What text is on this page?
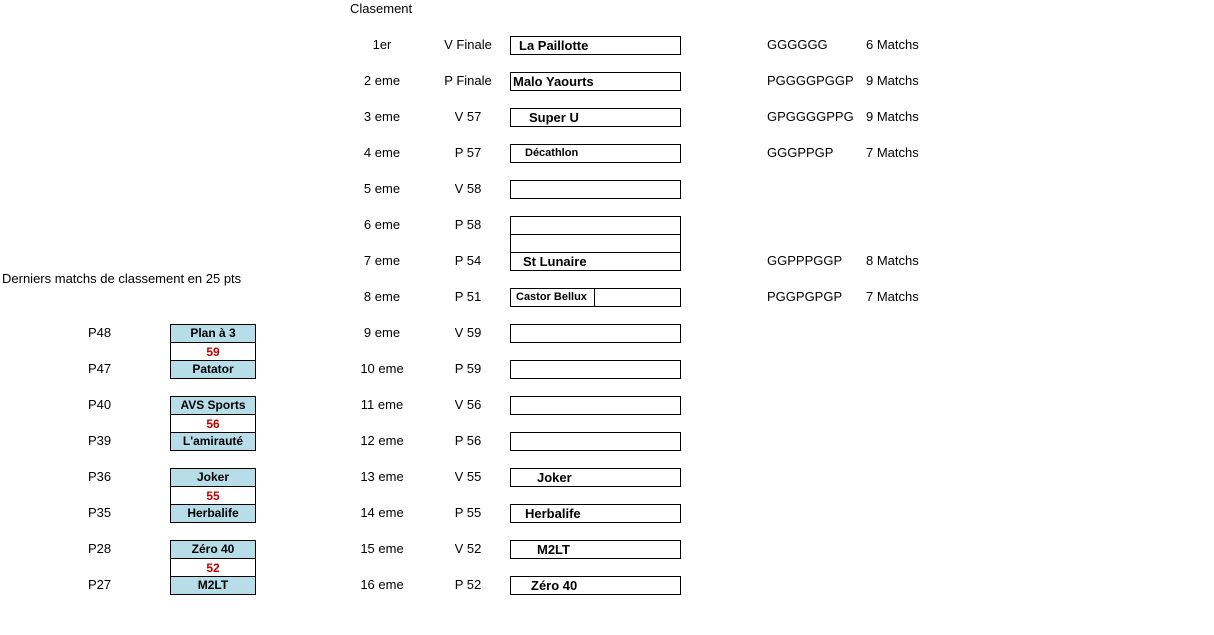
Clasement
Derniers matchs de classement en 25 pts
1er	V Finale	La Paillotte	GGGGGG	6 Matchs
2 eme	P Finale	Malo Yaourts	PGGGGPGGP 9 Matchs
3 eme	V 57	Super U	GPGGGGPPG 9 Matchs
4 eme	P 57	Décathlon	GGGPPGP	7 Matchs
5 eme	V 58
6 eme	P 58
7 eme	P 54	St Lunaire	GGPPPGGP 8 Matchs
8 eme	P 51	Castor Bellux	PGGPGPGP 7 Matchs
9 eme	V 59
10 eme	P 59
11 eme	V 56
12 eme	P 56
13 eme	V 55	Joker
14 eme	P 55	Herbalife
15 eme	V 52	M2LT
16 eme	P 52	Zéro 40
P48	Plan à 3
59
P47	Patator
P40	AVS Sports
56
P39	L'amirauté
P36	Joker
55
P35	Herbalife
P28	Zéro 40
52
P27	M2LT
